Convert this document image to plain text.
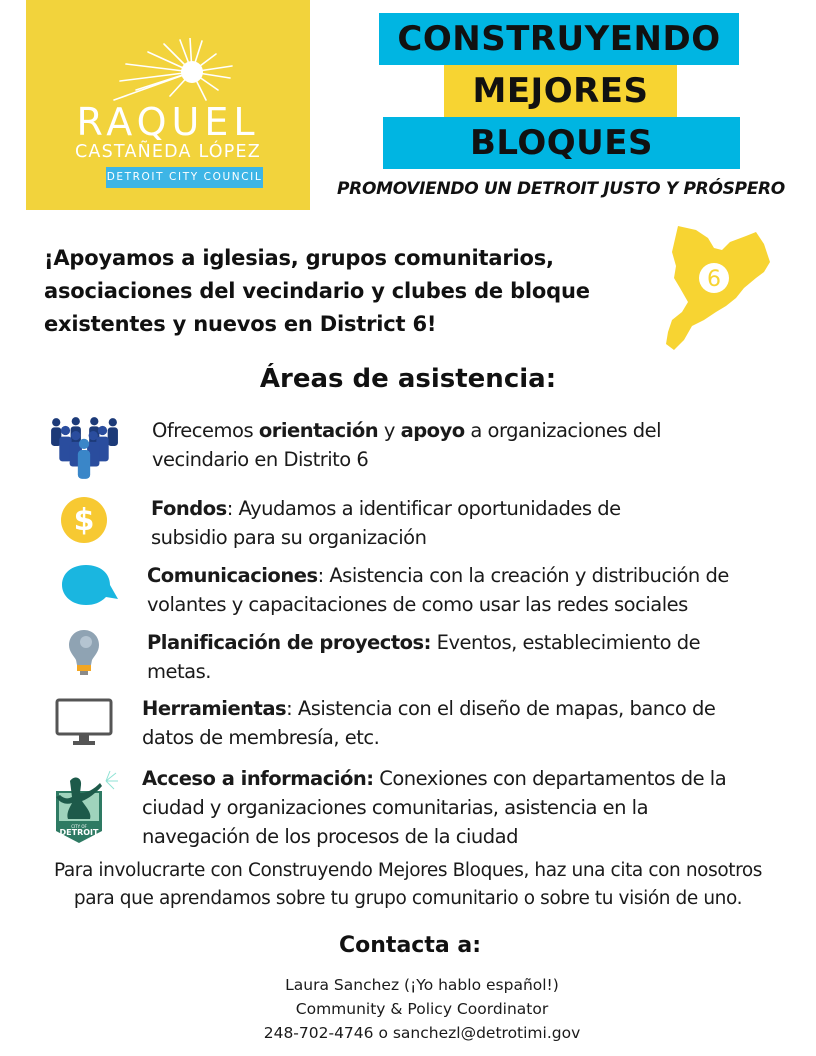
RAQUEL
CASTAÑEDA LÓPEZ
DETROIT CITY COUNCIL
CONSTRUYENDO
MEJORES
BLOQUES
PROMOVIENDO UN DETROIT JUSTO Y PRÓSPERO
¡Apoyamos a iglesias, grupos comunitarios, asociaciones del vecindario y clubes de bloque existentes y nuevos en District 6!
6
Áreas de asistencia:
Ofrecemos orientación y apoyo a organizaciones del vecindario en Distrito 6
$	Fondos: Ayudamos a identificar oportunidades de subsidio para su organización
Comunicaciones: Asistencia con la creación y distribución de volantes y capacitaciones de como usar las redes sociales
Planificación de proyectos: Eventos, establecimiento de metas.
Herramientas: Asistencia con el diseño de mapas, banco de datos de membresía, etc.
CITY OF
DETROIT
Acceso a información: Conexiones con departamentos de la ciudad y organizaciones comunitarias, asistencia en la navegación de los procesos de la ciudad
Para involucrarte con Construyendo Mejores Bloques, haz una cita con nosotros
para que aprendamos sobre tu grupo comunitario o sobre tu visión de uno.
Contacta a:
Laura Sanchez (¡Yo hablo español!)
Community & Policy Coordinator
248-702-4746 o sanchezl@detrotimi.gov
